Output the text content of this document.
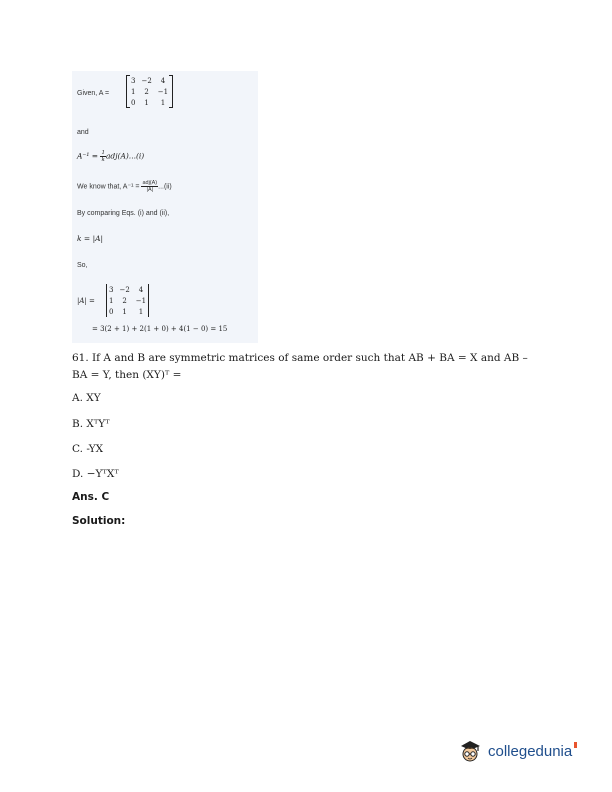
Given, A =
3	−2	4
1	2	−1
0	1	1
and
$A^{-1} = \frac{1}{k} adj(A)...(i)$
We know that, $A^{-1} = \frac{\text{adj(A)}}{|A|} ...(ii)$
By comparing Eqs. (i) and (ii),
k = |A|
So,
|A| =
3	−2	4
1	2	−1
0	1	1
= 3(2 + 1) + 2(1 + 0) + 4(1 − 0) = 15
61. If A and B are symmetric matrices of same order such that AB + BA = X and AB –
BA = Y, then (XY)ᵀ =
A. XY
B. XᵀYᵀ
C. -YX
D. −YᵀXᵀ
Ans. C
Solution:
collegedunia
